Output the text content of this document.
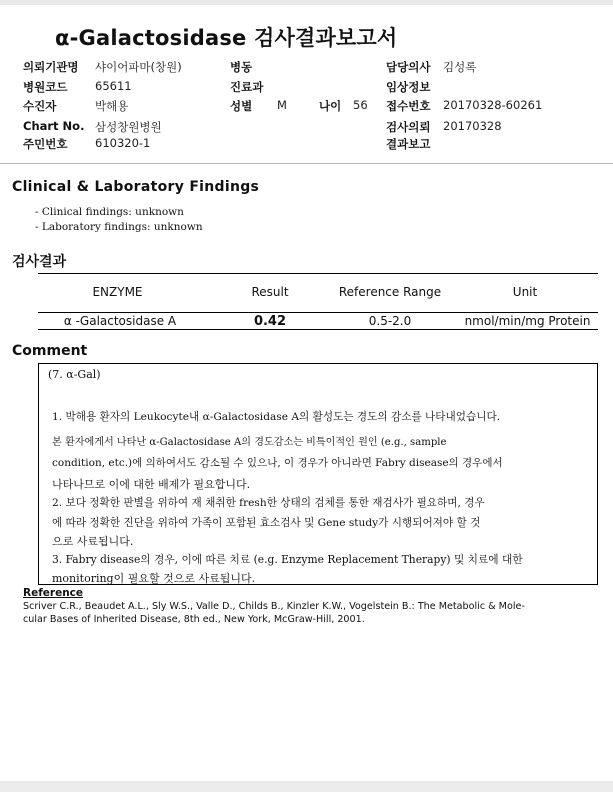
α-Galactosidase 검사결과보고서
의뢰기관명 샤이어파마(창원)	병동	담당의사 김성록
병원코드 65611	진료과	임상정보
수진자	박해용	성별 M	나이 56 접수번호 20170328-60261
Chart No. 삼성창원병원	검사의뢰 20170328
주민번호 610320-1	결과보고
Clinical & Laboratory Findings
- Clinical findings: unknown
- Laboratory findings: unknown
검사결과
ENZYME	Result	Reference Range	Unit
α -Galactosidase A	0.42	0.5-2.0	nmol/min/mg Protein
Comment
(7. α-Gal)
1. 박해용 환자의 Leukocyte내 α-Galactosidase A의 활성도는 경도의 감소를 나타내었습니다.
본 환자에게서 나타난 α-Galactosidase A의 경도감소는 비특이적인 원인 (e.g., sample
condition, etc.)에 의하여서도 감소될 수 있으나, 이 경우가 아니라면 Fabry disease의 경우에서
나타나므로 이에 대한 배제가 필요합니다.
2. 보다 정확한 판별을 위하여 재 채취한 fresh한 상태의 검체를 통한 재검사가 필요하며, 경우
에 따라 정확한 진단을 위하여 가족이 포함된 효소검사 및 Gene study가 시행되어져야 할 것
으로 사료됩니다.
3. Fabry disease의 경우, 이에 따른 치료 (e.g. Enzyme Replacement Therapy) 및 치료에 대한
monitoring이 필요할 것으로 사료됩니다.
Reference
Scriver C.R., Beaudet A.L., Sly W.S., Valle D., Childs B., Kinzler K.W., Vogelstein B.: The Metabolic & Mole-
cular Bases of Inherited Disease, 8th ed., New York, McGraw-Hill, 2001.
